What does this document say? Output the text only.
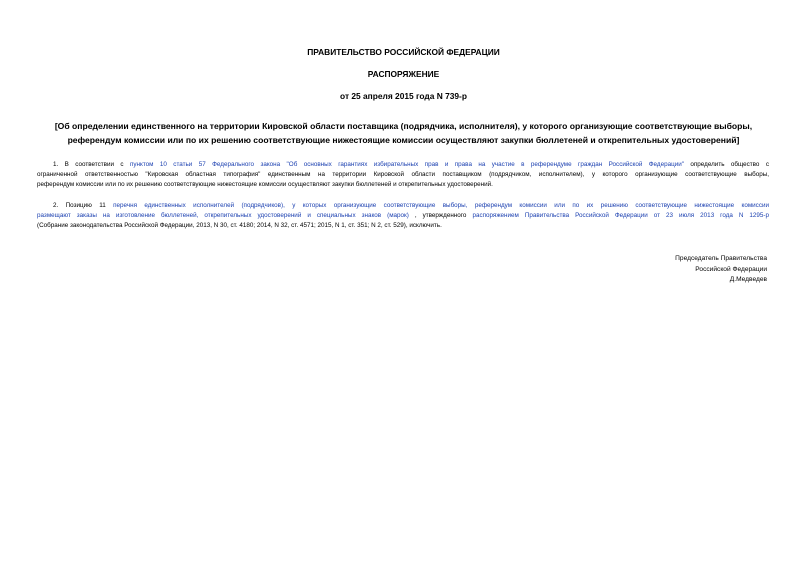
ПРАВИТЕЛЬСТВО РОССИЙСКОЙ ФЕДЕРАЦИИ
РАСПОРЯЖЕНИЕ
от 25 апреля 2015 года N 739-р
[Об определении единственного на территории Кировской области поставщика (подрядчика, исполнителя), у которого организующие соответствующие выборы,
референдум комиссии или по их решению соответствующие нижестоящие комиссии осуществляют закупки бюллетеней и открепительных удостоверений]
1. В соответствии с пунктом 10 статьи 57 Федерального закона "Об основных гарантиях избирательных прав и права на участие в референдуме граждан Российской Федерации" определить общество с
ограниченной ответственностью "Кировская областная типография" единственным на территории Кировской области поставщиком (подрядчиком, исполнителем), у которого организующие соответствующие выборы,
референдум комиссии или по их решению соответствующие нижестоящие комиссии осуществляют закупки бюллетеней и открепительных удостоверений.
2. Позицию 11 перечня единственных исполнителей (подрядчиков), у которых организующие соответствующие выборы, референдум комиссии или по их решению соответствующие нижестоящие комиссии
размещают заказы на изготовление бюллетеней, открепительных удостоверений и специальных знаков (марок) , утвержденного распоряжением Правительства Российской Федерации от 23 июля 2013 года N 1295-р
(Собрание законодательства Российской Федерации, 2013, N 30, ст. 4180; 2014, N 32, ст. 4571; 2015, N 1, ст. 351; N 2, ст. 529), исключить.
Председатель Правительства
Российской Федерации
Д.Медведев
